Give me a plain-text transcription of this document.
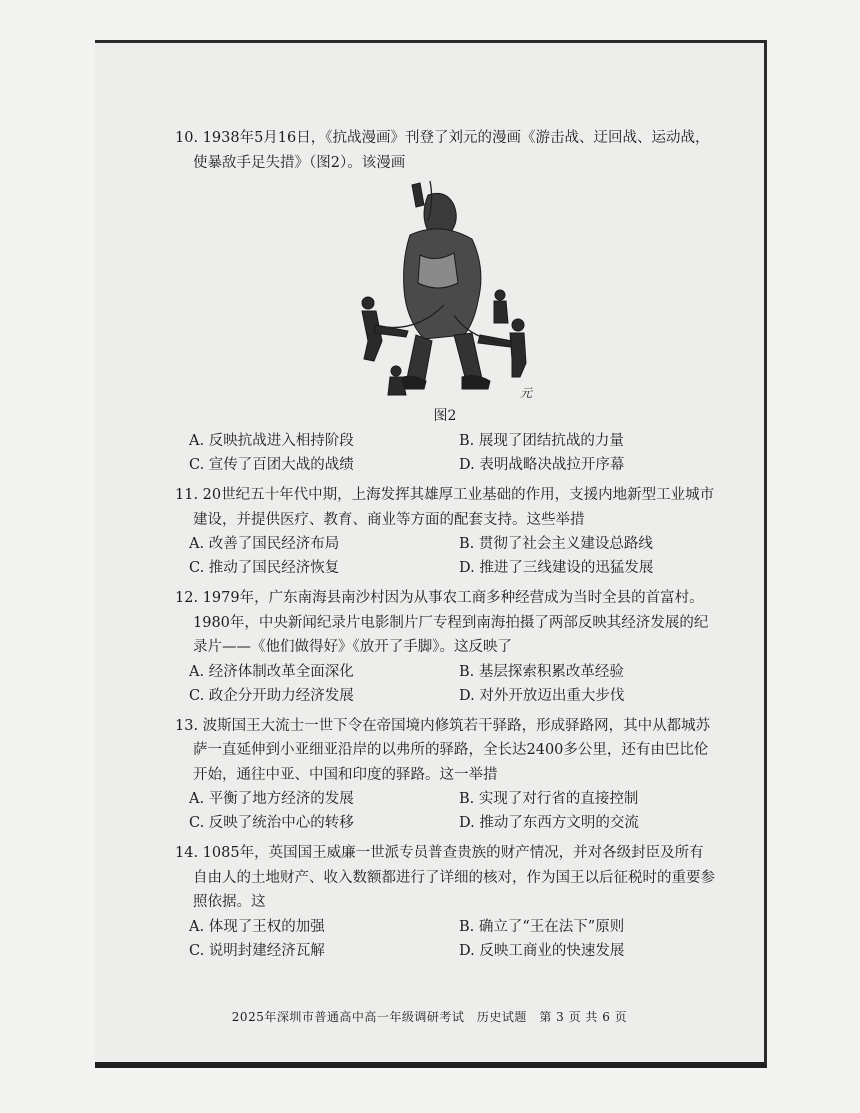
10. 1938年5月16日，《抗战漫画》刊登了刘元的漫画《游击战、迂回战、运动战，使暴敌手足失措》（图2）。该漫画
元
图2
A. 反映抗战进入相持阶段	B. 展现了团结抗战的力量
C. 宣传了百团大战的战绩	D. 表明战略决战拉开序幕
11. 20世纪五十年代中期，上海发挥其雄厚工业基础的作用，支援内地新型工业城市建设，并提供医疗、教育、商业等方面的配套支持。这些举措
A. 改善了国民经济布局	B. 贯彻了社会主义建设总路线
C. 推动了国民经济恢复	D. 推进了三线建设的迅猛发展
12. 1979年，广东南海县南沙村因为从事农工商多种经营成为当时全县的首富村。1980年，中央新闻纪录片电影制片厂专程到南海拍摄了两部反映其经济发展的纪录片——《他们做得好》《放开了手脚》。这反映了
A. 经济体制改革全面深化	B. 基层探索积累改革经验
C. 政企分开助力经济发展	D. 对外开放迈出重大步伐
13. 波斯国王大流士一世下令在帝国境内修筑若干驿路，形成驿路网，其中从都城苏萨一直延伸到小亚细亚沿岸的以弗所的驿路，全长达2400多公里，还有由巴比伦开始，通往中亚、中国和印度的驿路。这一举措
A. 平衡了地方经济的发展	B. 实现了对行省的直接控制
C. 反映了统治中心的转移	D. 推动了东西方文明的交流
14. 1085年，英国国王威廉一世派专员普查贵族的财产情况，并对各级封臣及所有自由人的土地财产、收入数额都进行了详细的核对，作为国王以后征税时的重要参照依据。这
A. 体现了王权的加强	B. 确立了“王在法下”原则
C. 说明封建经济瓦解	D. 反映工商业的快速发展
2025年深圳市普通高中高一年级调研考试　历史试题　第 3 页 共 6 页
